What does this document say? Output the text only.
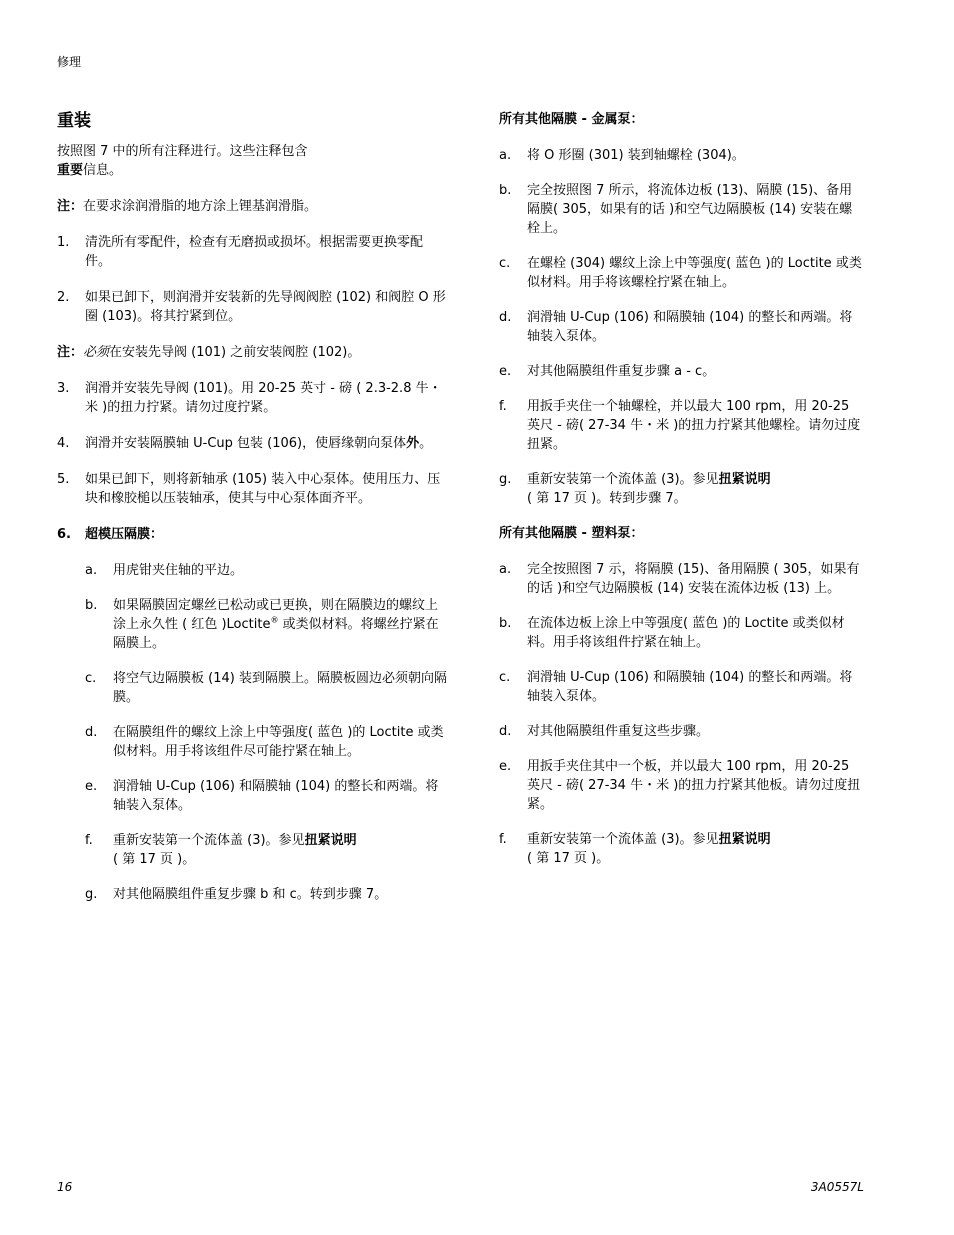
修理
重装

按照图 7 中的所有注释进行。这些注释包含
重要信息。

注：在要求涂润滑脂的地方涂上锂基润滑脂。

1.	清洗所有零配件，检查有无磨损或损坏。根据需要更换零配件。
2.	如果已卸下，则润滑并安装新的先导阀阀腔 (102) 和阀腔 O 形圈 (103)。将其拧紧到位。

注：必须在安装先导阀 (101) 之前安装阀腔 (102)。

3.	润滑并安装先导阀 (101)。用 20-25 英寸 - 磅 ( 2.3-2.8 牛・米 )的扭力拧紧。请勿过度拧紧。
4.	润滑并安装隔膜轴 U-Cup 包装 (106)，使唇缘朝向泵体外。
5.	如果已卸下，则将新轴承 (105) 装入中心泵体。使用压力、压块和橡胶槌以压装轴承，使其与中心泵体面齐平。
6.	超模压隔膜：
a.	用虎钳夹住轴的平边。
b.	如果隔膜固定螺丝已松动或已更换，则在隔膜边的螺纹上涂上永久性 ( 红色 )Loctite® 或类似材料。将螺丝拧紧在隔膜上。
c.	将空气边隔膜板 (14) 装到隔膜上。隔膜板圆边必须朝向隔膜。
d.	在隔膜组件的螺纹上涂上中等强度( 蓝色 )的 Loctite 或类似材料。用手将该组件尽可能拧紧在轴上。
e.	润滑轴 U-Cup (106) 和隔膜轴 (104) 的整长和两端。将轴装入泵体。
f.	重新安装第一个流体盖 (3)。参见扭紧说明
( 第 17 页 )。
g.	对其他隔膜组件重复步骤 b 和 c。转到步骤 7。
所有其他隔膜 - 金属泵：
a.	将 O 形圈 (301) 装到轴螺栓 (304)。
b.	完全按照图 7 所示，将流体边板 (13)、隔膜 (15)、备用隔膜( 305，如果有的话 )和空气边隔膜板 (14) 安装在螺栓上。
c.	在螺栓 (304) 螺纹上涂上中等强度( 蓝色 )的 Loctite 或类似材料。用手将该螺栓拧紧在轴上。
d.	润滑轴 U-Cup (106) 和隔膜轴 (104) 的整长和两端。将轴装入泵体。
e.	对其他隔膜组件重复步骤 a - c。
f.	用扳手夹住一个轴螺栓，并以最大 100 rpm，用 20-25 英尺 - 磅( 27-34 牛・米 )的扭力拧紧其他螺栓。请勿过度扭紧。
g.	重新安装第一个流体盖 (3)。参见扭紧说明
( 第 17 页 )。转到步骤 7。
所有其他隔膜 - 塑料泵：
a.	完全按照图 7 示，将隔膜 (15)、备用隔膜 ( 305，如果有的话 )和空气边隔膜板 (14) 安装在流体边板 (13) 上。
b.	在流体边板上涂上中等强度( 蓝色 )的 Loctite 或类似材料。用手将该组件拧紧在轴上。
c.	润滑轴 U-Cup (106) 和隔膜轴 (104) 的整长和两端。将轴装入泵体。
d.	对其他隔膜组件重复这些步骤。
e.	用扳手夹住其中一个板，并以最大 100 rpm，用 20-25 英尺 - 磅( 27-34 牛・米 )的扭力拧紧其他板。请勿过度扭紧。
f.	重新安装第一个流体盖 (3)。参见扭紧说明
( 第 17 页 )。
16	3A0557L
